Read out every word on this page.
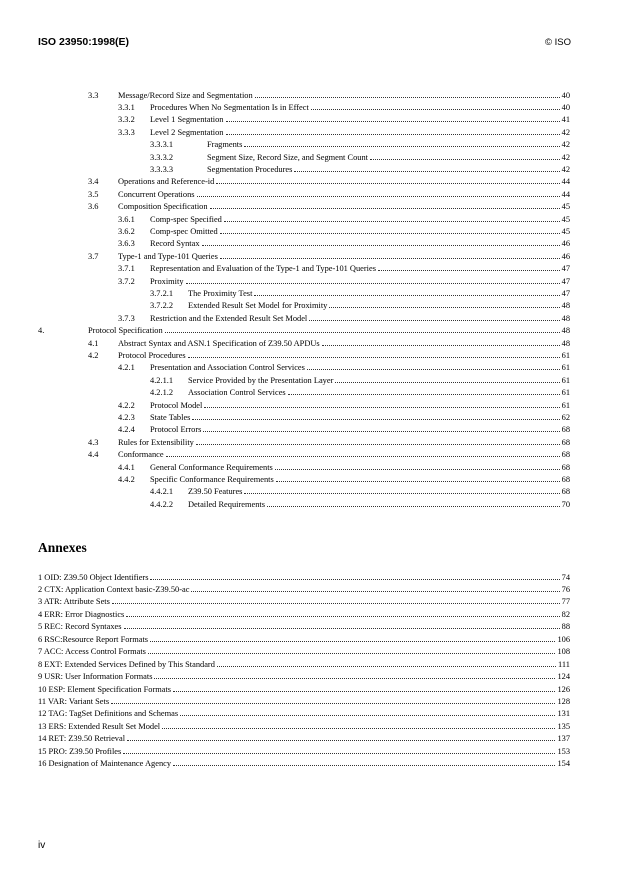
ISO 23950:1998(E)	© ISO
3.3 Message/Record Size and Segmentation	40
3.3.1 Procedures When No Segmentation Is in Effect	40
3.3.2 Level 1 Segmentation	41
3.3.3 Level 2 Segmentation	42
3.3.3.1	Fragments	42
3.3.3.2	Segment Size, Record Size, and Segment Count	42
3.3.3.3	Segmentation Procedures	42
3.4 Operations and Reference-id	44
3.5 Concurrent Operations	44
3.6 Composition Specification	45
3.6.1 Comp-spec Specified	45
3.6.2 Comp-spec Omitted	45
3.6.3 Record Syntax	46
3.7 Type-1 and Type-101 Queries	46
3.7.1 Representation and Evaluation of the Type-1 and Type-101 Queries	47
3.7.2 Proximity	47
3.7.2.1 The Proximity Test	47
3.7.2.2 Extended Result Set Model for Proximity	48
3.7.3 Restriction and the Extended Result Set Model	48
4.	Protocol Specification	48
4.1 Abstract Syntax and ASN.1 Specification of Z39.50 APDUs	48
4.2 Protocol Procedures	61
4.2.1 Presentation and Association Control Services	61
4.2.1.1 Service Provided by the Presentation Layer	61
4.2.1.2 Association Control Services	61
4.2.2 Protocol Model	61
4.2.3 State Tables	62
4.2.4 Protocol Errors	68
4.3 Rules for Extensibility	68
4.4 Conformance	68
4.4.1 General Conformance Requirements	68
4.4.2 Specific Conformance Requirements	68
4.4.2.1 Z39.50 Features	68
4.4.2.2 Detailed Requirements	70
Annexes
1 OID: Z39.50 Object Identifiers	74
2 CTX: Application Context basic-Z39.50-ac	76
3 ATR: Attribute Sets	77
4 ERR: Error Diagnostics	82
5 REC: Record Syntaxes	88
6 RSC:Resource Report Formats	106
7 ACC: Access Control Formats	108
8 EXT: Extended Services Defined by This Standard	111
9 USR: User Information Formats	124
10 ESP: Element Specification Formats	126
11 VAR: Variant Sets	128
12 TAG: TagSet Definitions and Schemas	131
13 ERS: Extended Result Set Model	135
14 RET: Z39.50 Retrieval	137
15 PRO: Z39.50 Profiles	153
16 Designation of Maintenance Agency	154
iv
